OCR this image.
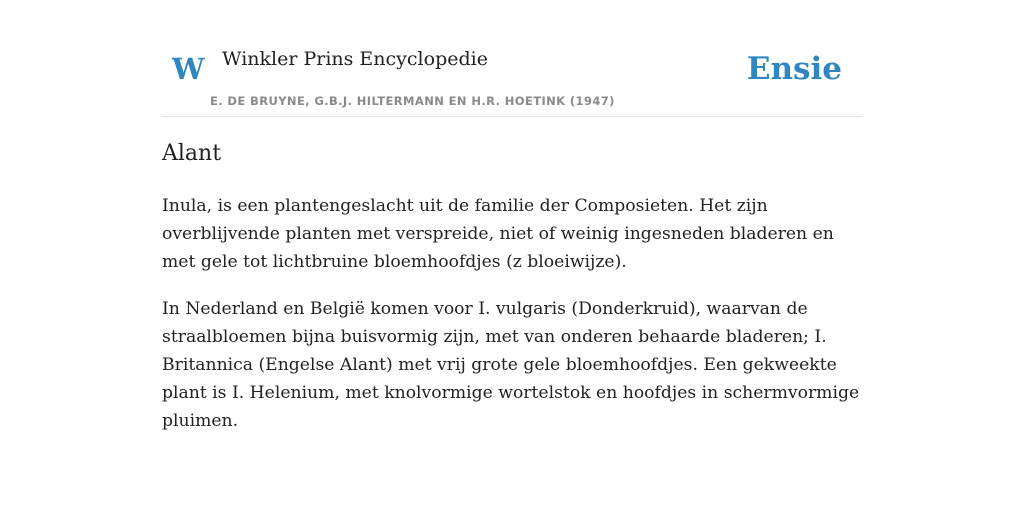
W Winkler Prins Encyclopedie
E. DE BRUYNE, G.B.J. HILTERMANN EN H.R. HOETINK (1947)
Ensie
Alant

Inula, is een plantengeslacht uit de familie der Composieten. Het zijn overblijvende planten met verspreide, niet of weinig ingesneden bladeren en met gele tot lichtbruine bloemhoofdjes (z bloeiwijze).

In Nederland en België komen voor I. vulgaris (Donderkruid), waarvan de straalbloemen bijna buisvormig zijn, met van onderen behaarde bladeren; I. Britannica (Engelse Alant) met vrij grote gele bloemhoofdjes. Een gekweekte plant is I. Helenium, met knolvormige wortelstok en hoofdjes in schermvormige pluimen.
